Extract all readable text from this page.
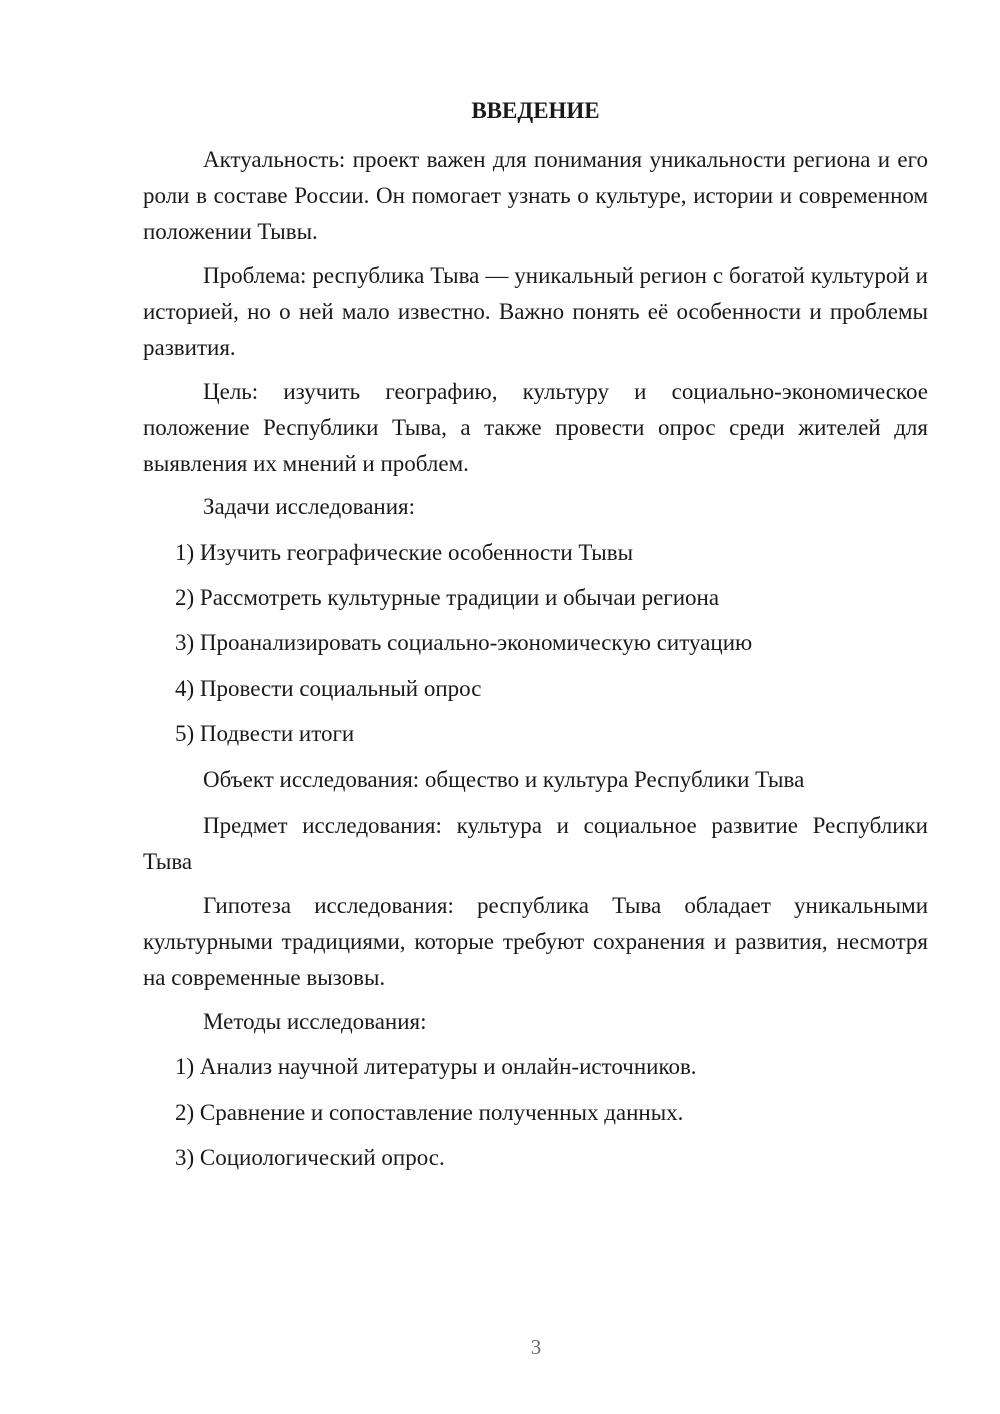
ВВЕДЕНИЕ

Актуальность: проект важен для понимания уникальности региона и его роли в составе России. Он помогает узнать о культуре, истории и современном положении Тывы.

Проблема: республика Тыва — уникальный регион с богатой культурой и историей, но о ней мало известно. Важно понять её особенности и проблемы развития.

Цель: изучить географию, культуру и социально-экономическое положение Республики Тыва, а также провести опрос среди жителей для выявления их мнений и проблем.

Задачи исследования:

1) Изучить географические особенности Тывы

2) Рассмотреть культурные традиции и обычаи региона

3) Проанализировать социально-экономическую ситуацию

4) Провести социальный опрос

5) Подвести итоги

Объект исследования: общество и культура Республики Тыва

Предмет исследования: культура и социальное развитие Республики Тыва

Гипотеза исследования: республика Тыва обладает уникальными культурными традициями, которые требуют сохранения и развития, несмотря на современные вызовы.

Методы исследования:

1) Анализ научной литературы и онлайн-источников.

2) Сравнение и сопоставление полученных данных.

3) Социологический опрос.

3
